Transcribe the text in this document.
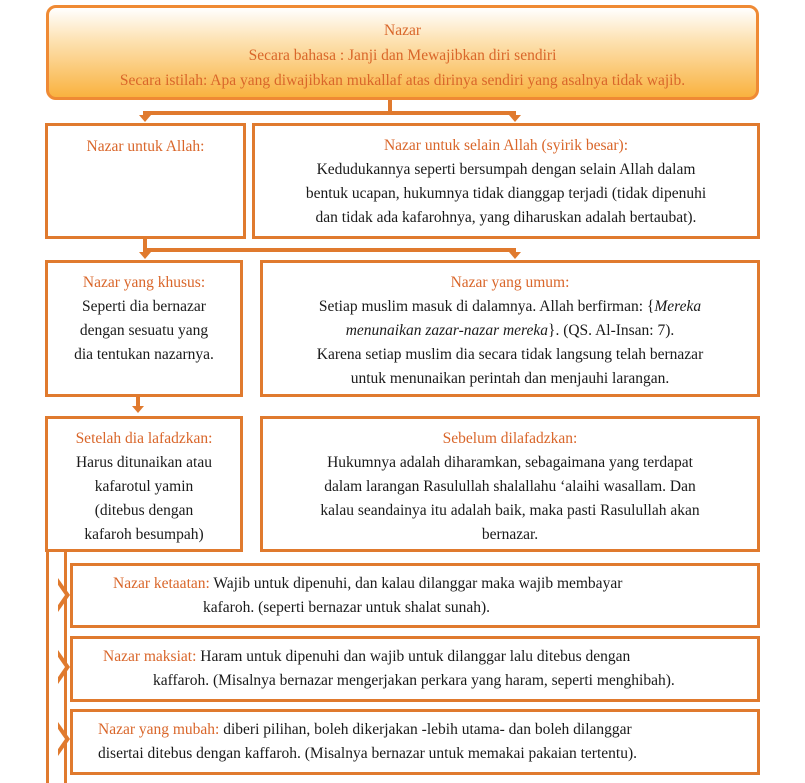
Nazar
Secara bahasa : Janji dan Mewajibkan diri sendiri
Secara istilah: Apa yang diwajibkan mukallaf atas dirinya sendiri yang asalnya tidak wajib.
Nazar untuk Allah:	Nazar untuk selain Allah (syirik besar):
Kedudukannya seperti bersumpah dengan selain Allah dalam
bentuk ucapan, hukumnya tidak dianggap terjadi (tidak dipenuhi
dan tidak ada kafarohnya, yang diharuskan adalah bertaubat).
Nazar yang khusus:
Seperti dia bernazar
dengan sesuatu yang
dia tentukan nazarnya.
Nazar yang umum:
Setiap muslim masuk di dalamnya. Allah berfirman: {Mereka
menunaikan zazar-nazar mereka}. (QS. Al-Insan: 7).
Karena setiap muslim dia secara tidak langsung telah bernazar
untuk menunaikan perintah dan menjauhi larangan.
Setelah dia lafadzkan:
Harus ditunaikan atau
kafarotul yamin
(ditebus dengan
kafaroh besumpah)
Sebelum dilafadzkan:
Hukumnya adalah diharamkan, sebagaimana yang terdapat
dalam larangan Rasulullah shalallahu ‘alaihi wasallam. Dan
kalau seandainya itu adalah baik, maka pasti Rasulullah akan
bernazar.
Nazar ketaatan: Wajib untuk dipenuhi, dan kalau dilanggar maka wajib membayar
kafaroh. (seperti bernazar untuk shalat sunah).
Nazar maksiat: Haram untuk dipenuhi dan wajib untuk dilanggar lalu ditebus dengan
kaffaroh. (Misalnya bernazar mengerjakan perkara yang haram, seperti menghibah).
Nazar yang mubah: diberi pilihan, boleh dikerjakan -lebih utama- dan boleh dilanggar
disertai ditebus dengan kaffaroh. (Misalnya bernazar untuk memakai pakaian tertentu).
